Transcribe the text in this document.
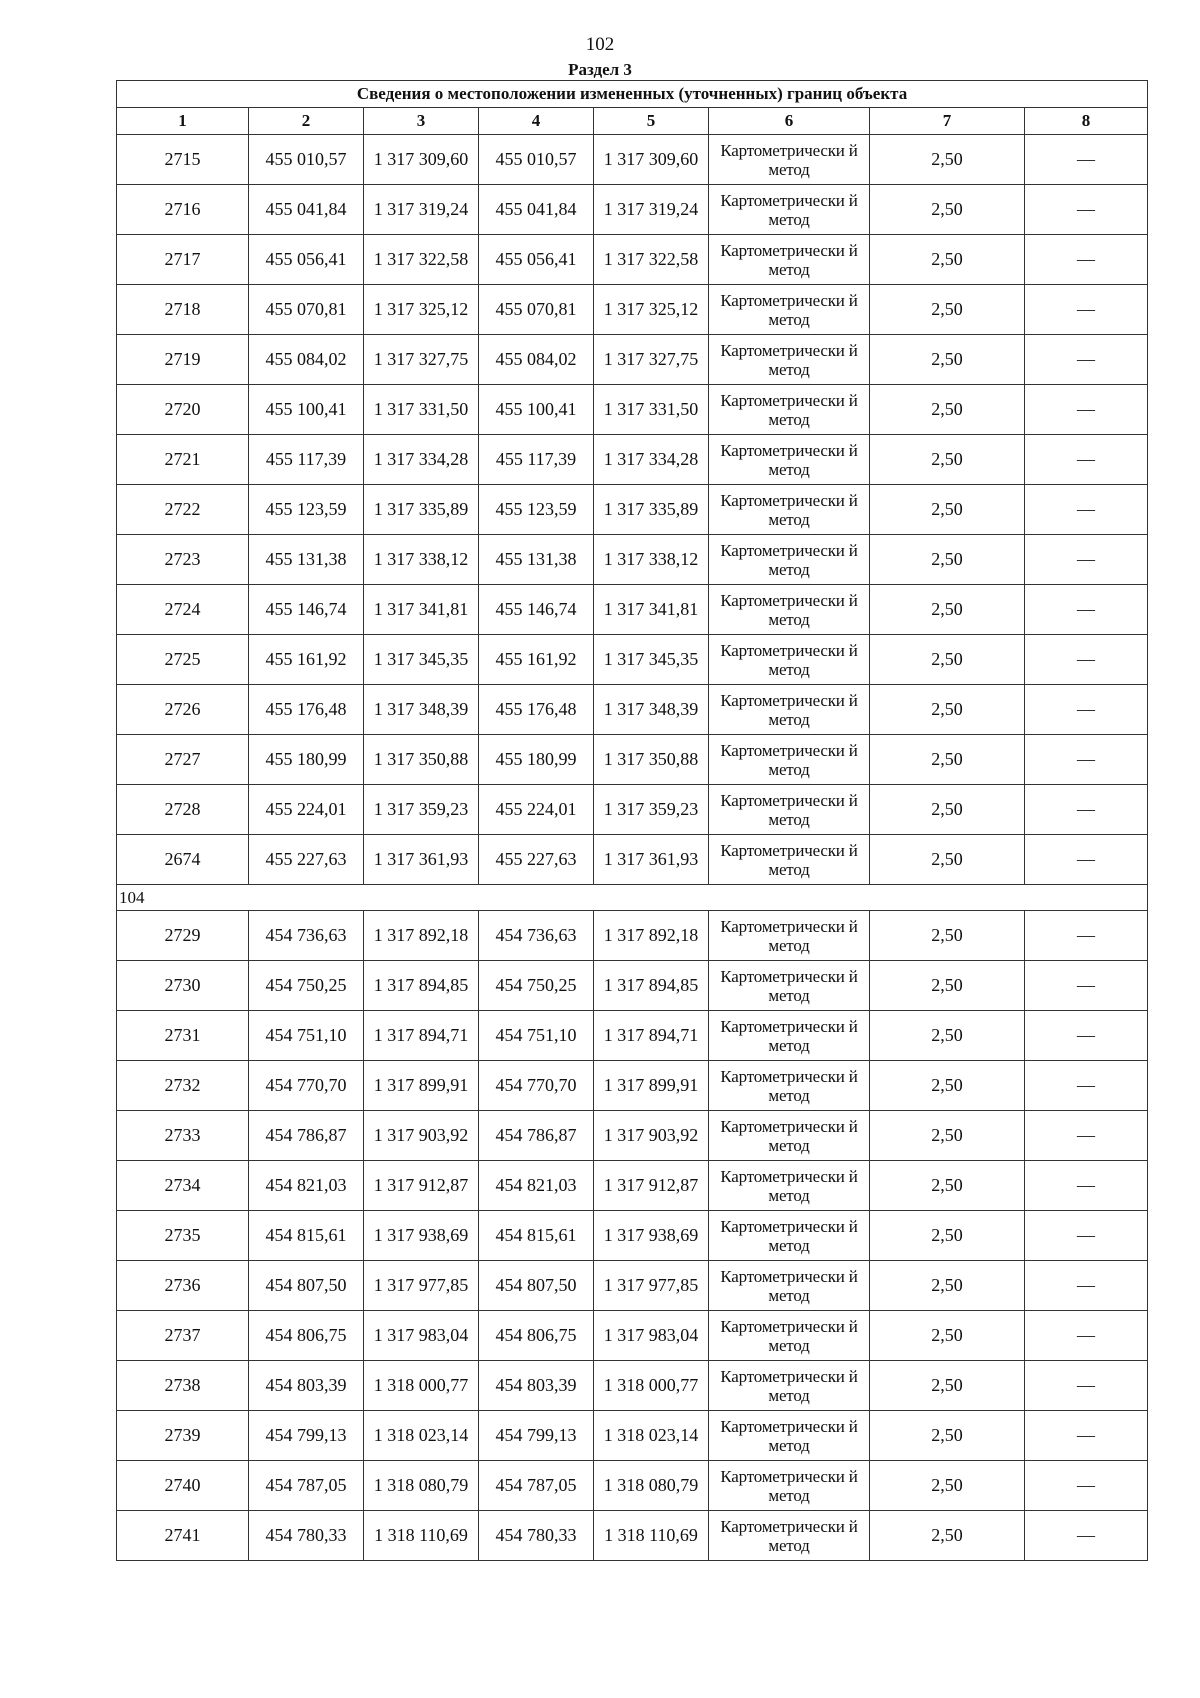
102
Раздел 3
Сведения о местоположении измененных (уточненных) границ объекта							
1	2	3	4	5	6	7	8
2715	455 010,57	1 317 309,60	455 010,57	1 317 309,60	Картометрически й метод	2,50	—
2716	455 041,84	1 317 319,24	455 041,84	1 317 319,24	Картометрически й метод	2,50	—
2717	455 056,41	1 317 322,58	455 056,41	1 317 322,58	Картометрически й метод	2,50	—
2718	455 070,81	1 317 325,12	455 070,81	1 317 325,12	Картометрически й метод	2,50	—
2719	455 084,02	1 317 327,75	455 084,02	1 317 327,75	Картометрически й метод	2,50	—
2720	455 100,41	1 317 331,50	455 100,41	1 317 331,50	Картометрически й метод	2,50	—
2721	455 117,39	1 317 334,28	455 117,39	1 317 334,28	Картометрически й метод	2,50	—
2722	455 123,59	1 317 335,89	455 123,59	1 317 335,89	Картометрически й метод	2,50	—
2723	455 131,38	1 317 338,12	455 131,38	1 317 338,12	Картометрически й метод	2,50	—
2724	455 146,74	1 317 341,81	455 146,74	1 317 341,81	Картометрически й метод	2,50	—
2725	455 161,92	1 317 345,35	455 161,92	1 317 345,35	Картометрически й метод	2,50	—
2726	455 176,48	1 317 348,39	455 176,48	1 317 348,39	Картометрически й метод	2,50	—
2727	455 180,99	1 317 350,88	455 180,99	1 317 350,88	Картометрически й метод	2,50	—
2728	455 224,01	1 317 359,23	455 224,01	1 317 359,23	Картометрически й метод	2,50	—
2674	455 227,63	1 317 361,93	455 227,63	1 317 361,93	Картометрически й метод	2,50	—
104							
2729	454 736,63	1 317 892,18	454 736,63	1 317 892,18	Картометрически й метод	2,50	—
2730	454 750,25	1 317 894,85	454 750,25	1 317 894,85	Картометрически й метод	2,50	—
2731	454 751,10	1 317 894,71	454 751,10	1 317 894,71	Картометрически й метод	2,50	—
2732	454 770,70	1 317 899,91	454 770,70	1 317 899,91	Картометрически й метод	2,50	—
2733	454 786,87	1 317 903,92	454 786,87	1 317 903,92	Картометрически й метод	2,50	—
2734	454 821,03	1 317 912,87	454 821,03	1 317 912,87	Картометрически й метод	2,50	—
2735	454 815,61	1 317 938,69	454 815,61	1 317 938,69	Картометрически й метод	2,50	—
2736	454 807,50	1 317 977,85	454 807,50	1 317 977,85	Картометрически й метод	2,50	—
2737	454 806,75	1 317 983,04	454 806,75	1 317 983,04	Картометрически й метод	2,50	—
2738	454 803,39	1 318 000,77	454 803,39	1 318 000,77	Картометрически й метод	2,50	—
2739	454 799,13	1 318 023,14	454 799,13	1 318 023,14	Картометрически й метод	2,50	—
2740	454 787,05	1 318 080,79	454 787,05	1 318 080,79	Картометрически й метод	2,50	—
2741	454 780,33	1 318 110,69	454 780,33	1 318 110,69	Картометрически й метод	2,50	—
